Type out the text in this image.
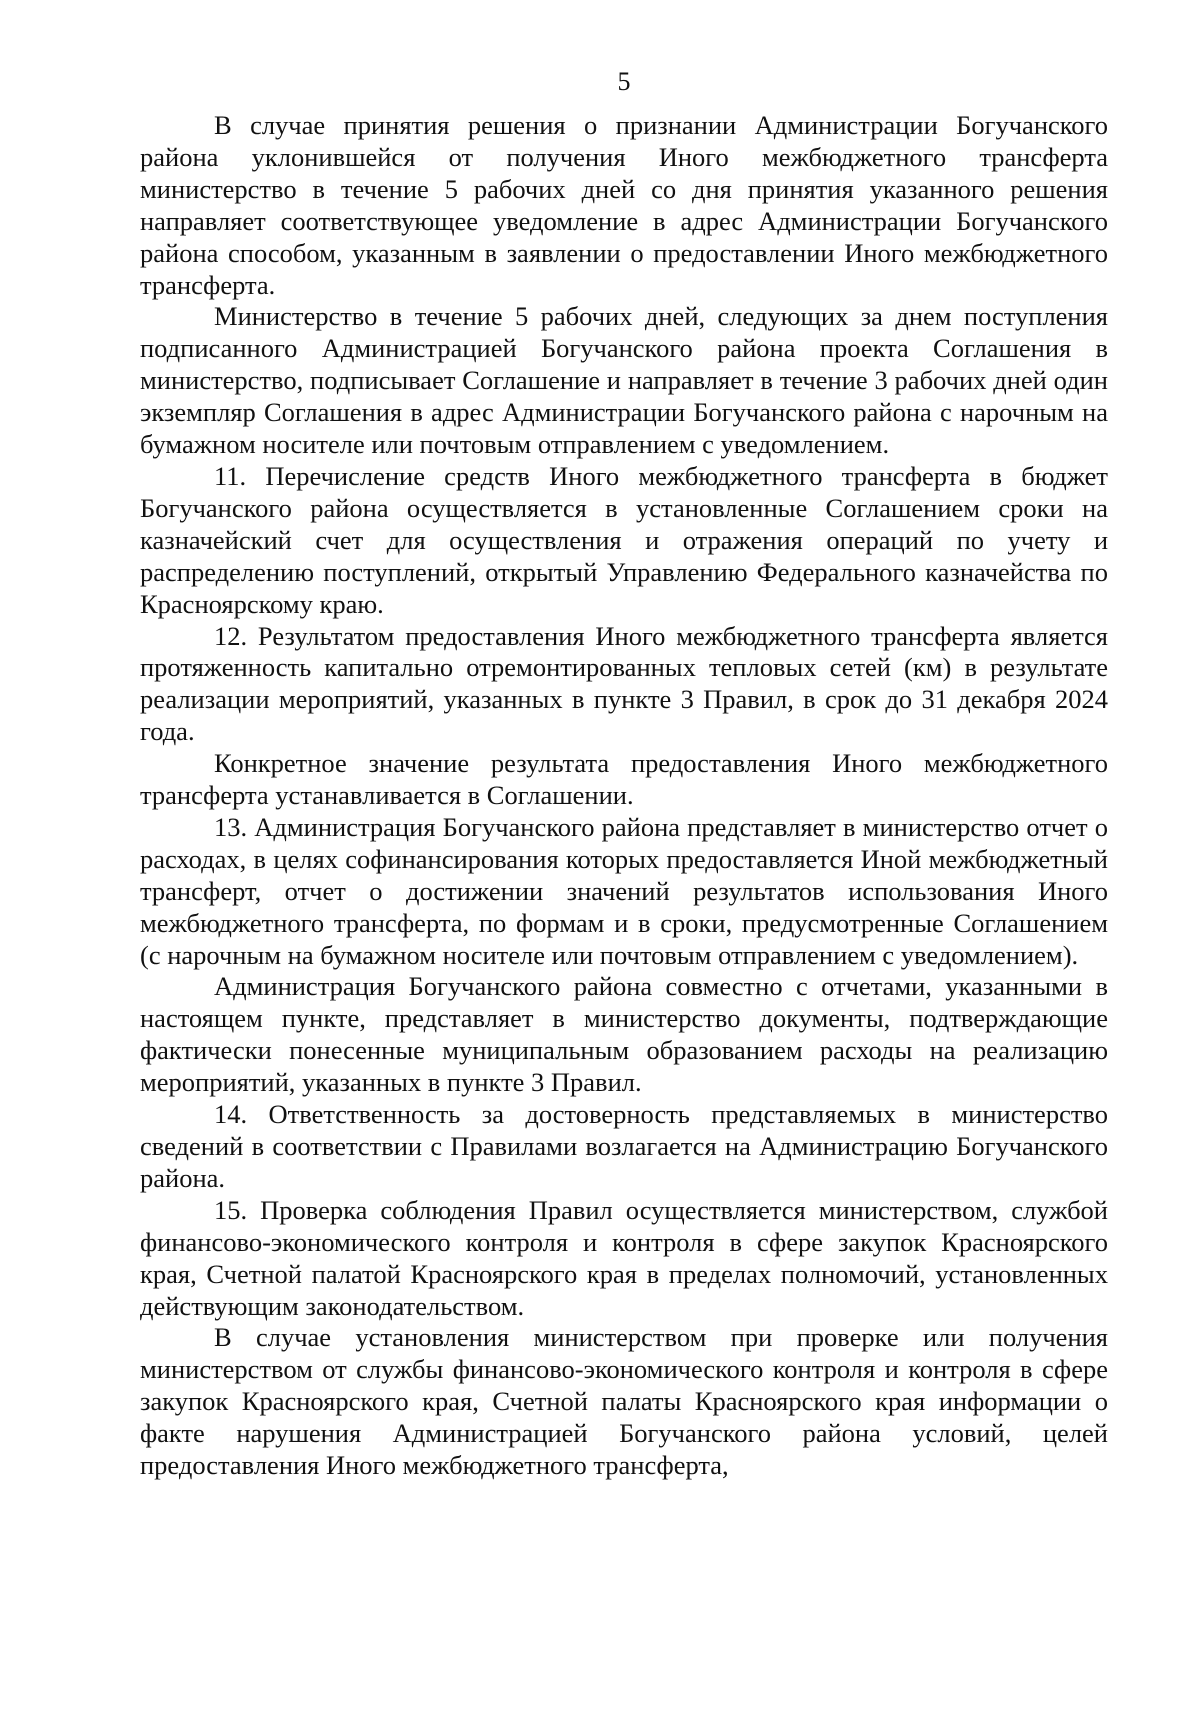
5

В случае принятия решения о признании Администрации Богучанского района уклонившейся от получения Иного межбюджетного трансферта министерство в течение 5 рабочих дней со дня принятия указанного решения направляет соответствующее уведомление в адрес Администрации Богучанского района способом, указанным в заявлении о предоставлении Иного межбюджетного трансферта.

Министерство в течение 5 рабочих дней, следующих за днем поступления подписанного Администрацией Богучанского района проекта Соглашения в министерство, подписывает Соглашение и направляет в течение 3 рабочих дней один экземпляр Соглашения в адрес Администрации Богучанского района с нарочным на бумажном носителе или почтовым отправлением с уведомлением.

11. Перечисление средств Иного межбюджетного трансферта в бюджет Богучанского района осуществляется в установленные Соглашением сроки на казначейский счет для осуществления и отражения операций по учету и распределению поступлений, открытый Управлению Федерального казначейства по Красноярскому краю.

12. Результатом предоставления Иного межбюджетного трансферта является протяженность капитально отремонтированных тепловых сетей (км) в результате реализации мероприятий, указанных в пункте 3 Правил, в срок до 31 декабря 2024 года.

Конкретное значение результата предоставления Иного межбюджетного трансферта устанавливается в Соглашении.

13. Администрация Богучанского района представляет в министерство отчет о расходах, в целях софинансирования которых предоставляется Иной межбюджетный трансферт, отчет о достижении значений результатов использования Иного межбюджетного трансферта, по формам и в сроки, предусмотренные Соглашением (с нарочным на бумажном носителе или почтовым отправлением с уведомлением).

Администрация Богучанского района совместно с отчетами, указанными в настоящем пункте, представляет в министерство документы, подтверждающие фактически понесенные муниципальным образованием расходы на реализацию мероприятий, указанных в пункте 3 Правил.

14. Ответственность за достоверность представляемых в министерство сведений в соответствии с Правилами возлагается на Администрацию Богучанского района.

15. Проверка соблюдения Правил осуществляется министерством, службой финансово-экономического контроля и контроля в сфере закупок Красноярского края, Счетной палатой Красноярского края в пределах полномочий, установленных действующим законодательством.

В случае установления министерством при проверке или получения министерством от службы финансово-экономического контроля и контроля в сфере закупок Красноярского края, Счетной палаты Красноярского края информации о факте нарушения Администрацией Богучанского района условий, целей предоставления Иного межбюджетного трансферта,
